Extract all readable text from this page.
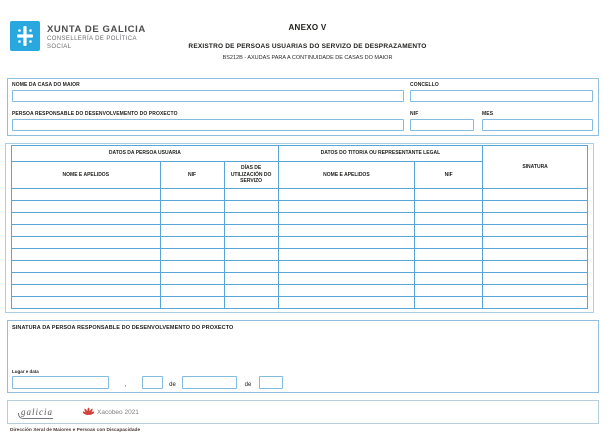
XUNTA DE GALICIA
CONSELLERÍA DE POLÍTICA
SOCIAL
ANEXO V
REXISTRO DE PERSOAS USUARIAS DO SERVIZO DE DESPRAZAMENTO
BS212B - AXUDAS PARA A CONTINUIDADE DE CASAS DO MAIOR
NOME DA CASA DO MAIOR	CONCELLO
PERSOA RESPONSABLE DO DESENVOLVEMENTO DO PROXECTO	NIF	MES
DATOS DA PERSOA USUARIA			DATOS DO TITOR/A OU REPRESENTANTE LEGAL		SINATURA
NOME E APELIDOS	NIF	DÍAS DE UTILIZACIÓN DO SERVIZO	NOME E APELIDOS	NIF	

SINATURA DA PERSOA RESPONSABLE DO DESENVOLVEMENTO DO PROXECTO
Lugar e data
,	de	de
galicia	Xacobeo 2021
Dirección Xeral de Maiores e Persoas con Discapacidade
